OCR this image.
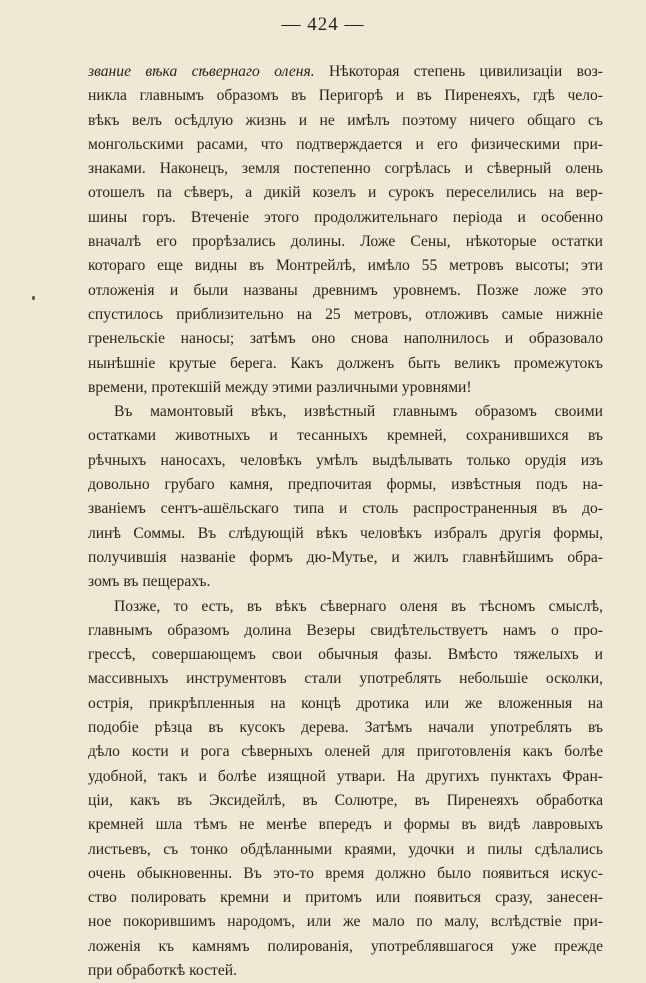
— 424 —
звание вѣка сѣвернаго оленя. Нѣкоторая степень цивилизаціи воз-
никла главнымъ образомъ въ Перигорѣ и въ Пиренеяхъ, гдѣ чело-
вѣкъ велъ осѣдлую жизнь и не имѣлъ поэтому ничего общаго съ
монгольскими расами, что подтверждается и его физическими при-
знаками. Наконецъ, земля постепенно согрѣлась и сѣверный олень
отошелъ па сѣверъ, а дикій козелъ и сурокъ переселились на вер-
шины горъ. Втеченіе этого продолжительнаго періода и особенно
вначалѣ его прорѣзались долины. Ложе Сены, нѣкоторые остатки
котораго еще видны въ Монтрейлѣ, имѣло 55 метровъ высоты; эти
отложенія и были названы древнимъ уровнемъ. Позже ложе это
спустилось приблизительно на 25 метровъ, отложивъ самые нижніе
гренельскіе наносы; затѣмъ оно снова наполнилось и образовало
нынѣшніе крутые берега. Какъ долженъ быть великъ промежутокъ
времени, протекшій между этими различными уровнями!
Въ мамонтовый вѣкъ, извѣстный главнымъ образомъ своими
остатками животныхъ и тесанныхъ кремней, сохранившихся въ
рѣчныхъ наносахъ, человѣкъ умѣлъ выдѣлывать только орудія изъ
довольно грубаго камня, предпочитая формы, извѣстныя подъ на-
званіемъ сентъ-ашёльскаго типа и столь распространенныя въ до-
линѣ Соммы. Въ слѣдующій вѣкъ человѣкъ избралъ другія формы,
получившія названіе формъ дю-Мутье, и жилъ главнѣйшимъ обра-
зомъ въ пещерахъ.
Позже, то есть, въ вѣкъ сѣвернаго оленя въ тѣсномъ смыслѣ,
главнымъ образомъ долина Везеры свидѣтельствуетъ намъ о про-
грессѣ, совершающемъ свои обычныя фазы. Вмѣсто тяжелыхъ и
массивныхъ инструментовъ стали употреблять небольшіе осколки,
острія, прикрѣпленныя на концѣ дротика или же вложенныя на
подобіе рѣзца въ кусокъ дерева. Затѣмъ начали употреблять въ
дѣло кости и рога сѣверныхъ оленей для приготовленія какъ болѣе
удобной, такъ и болѣе изящной утвари. На другихъ пунктахъ Фран-
ціи, какъ въ Эксидейлѣ, въ Солютре, въ Пиренеяхъ обработка
кремней шла тѣмъ не менѣе впередъ и формы въ видѣ лавровыхъ
листьевъ, съ тонко обдѣланными краями, удочки и пилы сдѣлались
очень обыкновенны. Въ это-то время должно было появиться искус-
ство полировать кремни и притомъ или появиться сразу, занесен-
ное покорившимъ народомъ, или же мало по малу, вслѣдствіе при-
ложенія къ камнямъ полированія, употреблявшагося уже прежде
при обработкѣ костей.
